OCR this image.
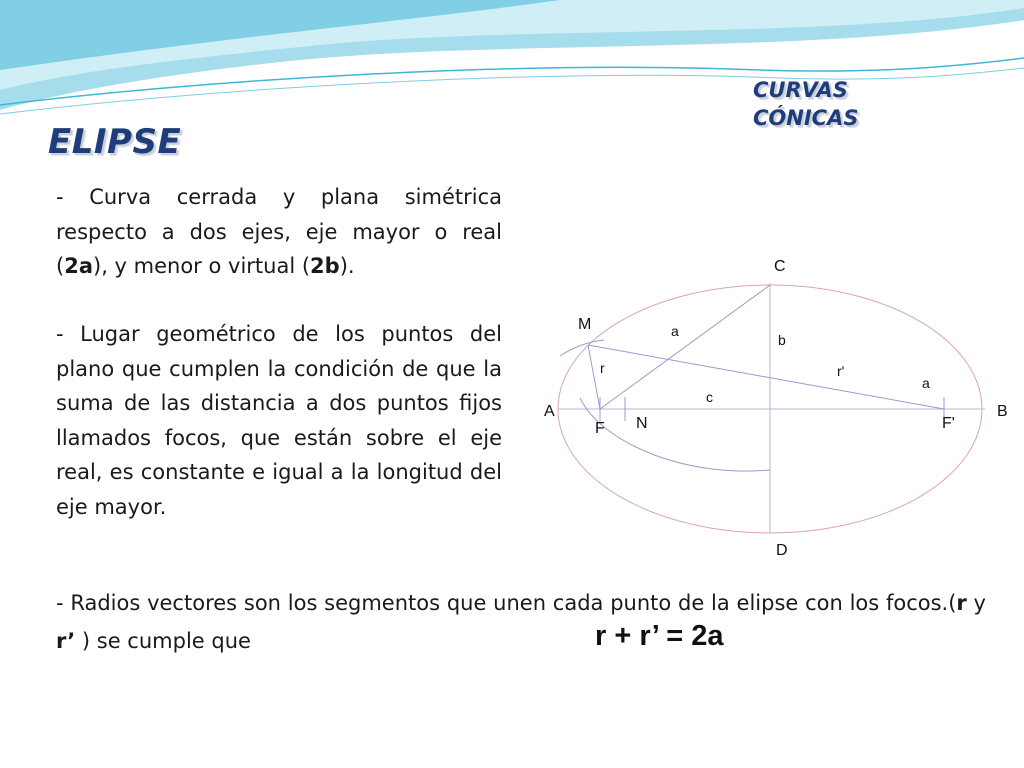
CURVAS
CÓNICAS
ELIPSE
- Curva cerrada y plana simétrica respecto a dos ejes, eje mayor o real (2a), y menor o virtual (2b).
- Lugar geométrico de los puntos del plano que cumplen la condición de que la suma de las distancia a dos puntos fijos llamados focos, que están sobre el eje real, es constante e igual a la longitud del eje mayor.
- Radios vectores son los segmentos que unen cada punto de la elipse con los focos.(r y r’ ) se cumple que	r + r’ = 2a
C
D
A	B
M
F	F'
N
a
a
b
c
r	r'
